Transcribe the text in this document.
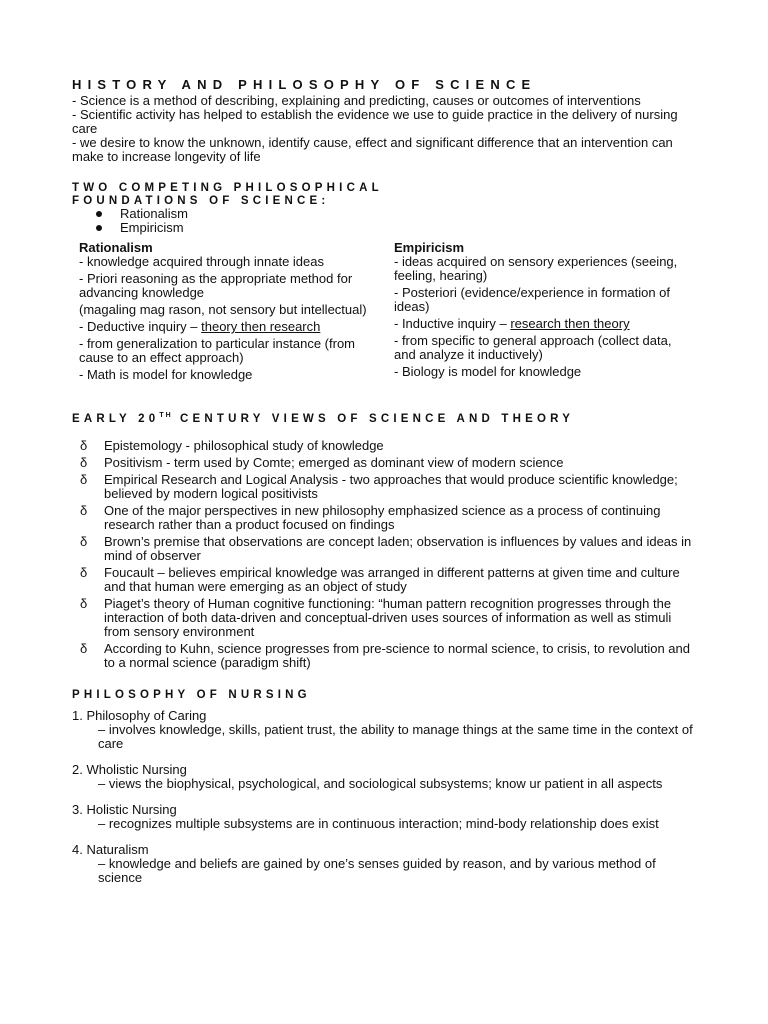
HISTORY AND PHILOSOPHY OF SCIENCE

- Science is a method of describing, explaining and predicting, causes or outcomes of interventions

- Scientific activity has helped to establish the evidence we use to guide practice in the delivery of nursing care

- we desire to know the unknown, identify cause, effect and significant difference that an intervention can make to increase longevity of life

TWO COMPETING PHILOSOPHICAL
FOUNDATIONS OF SCIENCE:
Rationalism
Empiricism
Rationalism
- knowledge acquired through innate ideas
- Priori reasoning as the appropriate method for advancing knowledge
(magaling mag rason, not sensory but intellectual)
- Deductive inquiry – theory then research
- from generalization to particular instance (from cause to an effect approach)
- Math is model for knowledge
Empiricism
- ideas acquired on sensory experiences (seeing, feeling, hearing)
- Posteriori (evidence/experience in formation of ideas)
- Inductive inquiry – research then theory
- from specific to general approach (collect data, and analyze it inductively)
- Biology is model for knowledge
EARLY 20TH CENTURY VIEWS OF SCIENCE AND THEORY
δ	Epistemology - philosophical study of knowledge
δ	Positivism - term used by Comte; emerged as dominant view of modern science
δ	Empirical Research and Logical Analysis - two approaches that would produce scientific knowledge; believed by modern logical positivists
δ	One of the major perspectives in new philosophy emphasized science as a process of continuing research rather than a product focused on findings
δ	Brown’s premise that observations are concept laden; observation is influences by values and ideas in mind of observer
δ	Foucault – believes empirical knowledge was arranged in different patterns at given time and culture and that human were emerging as an object of study
δ	Piaget’s theory of Human cognitive functioning: “human pattern recognition progresses through the interaction of both data-driven and conceptual-driven uses sources of information as well as stimuli from sensory environment
δ	According to Kuhn, science progresses from pre-science to normal science, to crisis, to revolution and to a normal science (paradigm shift)
PHILOSOPHY OF NURSING
1. Philosophy of Caring
– involves knowledge, skills, patient trust, the ability to manage things at the same time in the context of care
2. Wholistic Nursing
– views the biophysical, psychological, and sociological subsystems; know ur patient in all aspects
3. Holistic Nursing
– recognizes multiple subsystems are in continuous interaction; mind-body relationship does exist
4. Naturalism
– knowledge and beliefs are gained by one’s senses guided by reason, and by various method of science
